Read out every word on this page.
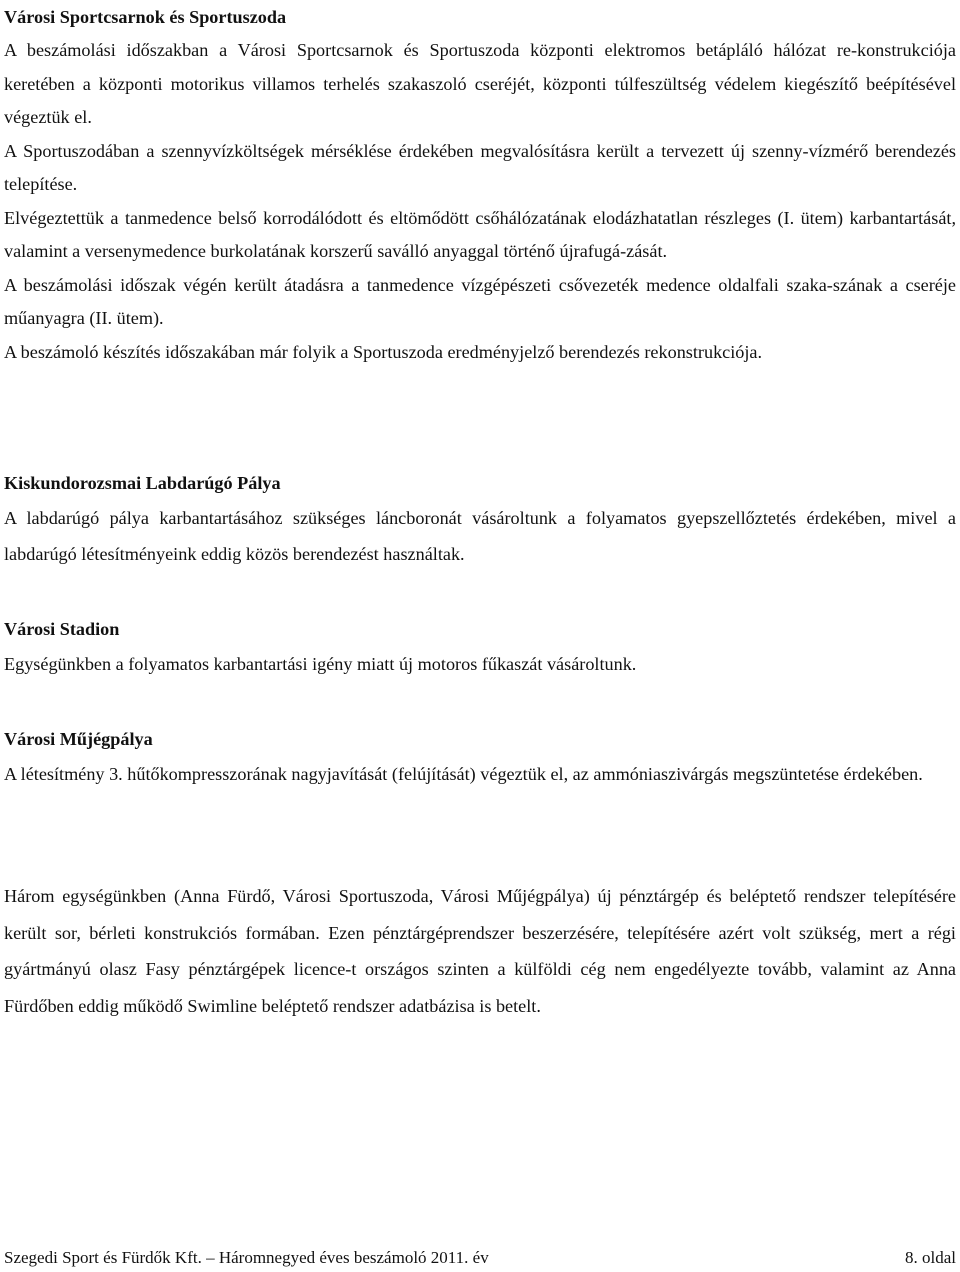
Városi Sportcsarnok és Sportuszoda

A beszámolási időszakban a Városi Sportcsarnok és Sportuszoda központi elektromos betápláló hálózat re-konstrukciója keretében a központi motorikus villamos terhelés szakaszoló cseréjét, központi túlfeszültség védelem kiegészítő beépítésével végeztük el.

A Sportuszodában a szennyvízköltségek mérséklése érdekében megvalósításra került a tervezett új szenny-vízmérő berendezés telepítése.

Elvégeztettük a tanmedence belső korrodálódott és eltömődött csőhálózatának elodázhatatlan részleges (I. ütem) karbantartását, valamint a versenymedence burkolatának korszerű saválló anyaggal történő újrafugá-zását.

A beszámolási időszak végén került átadásra a tanmedence vízgépészeti csővezeték medence oldalfali szaka-szának a cseréje műanyagra (II. ütem).

A beszámoló készítés időszakában már folyik a Sportuszoda eredményjelző berendezés rekonstrukciója.

Kiskundorozsmai Labdarúgó Pálya

A labdarúgó pálya karbantartásához szükséges láncboronát vásároltunk a folyamatos gyepszellőztetés érdekében, mivel a labdarúgó létesítményeink eddig közös berendezést használtak.

Városi Stadion

Egységünkben a folyamatos karbantartási igény miatt új motoros fűkaszát vásároltunk.

Városi Műjégpálya

A létesítmény 3. hűtőkompresszorának nagyjavítását (felújítását) végeztük el, az ammóniaszivárgás megszüntetése érdekében.

Három egységünkben (Anna Fürdő, Városi Sportuszoda, Városi Műjégpálya) új pénztárgép és beléptető rendszer telepítésére került sor, bérleti konstrukciós formában. Ezen pénztárgéprendszer beszerzésére, telepítésére azért volt szükség, mert a régi gyártmányú olasz Fasy pénztárgépek licence-t országos szinten a külföldi cég nem engedélyezte tovább, valamint az Anna Fürdőben eddig működő Swimline beléptető rendszer adatbázisa is betelt.

Szegedi Sport és Fürdők Kft. – Háromnegyed éves beszámoló 2011. év	8. oldal
